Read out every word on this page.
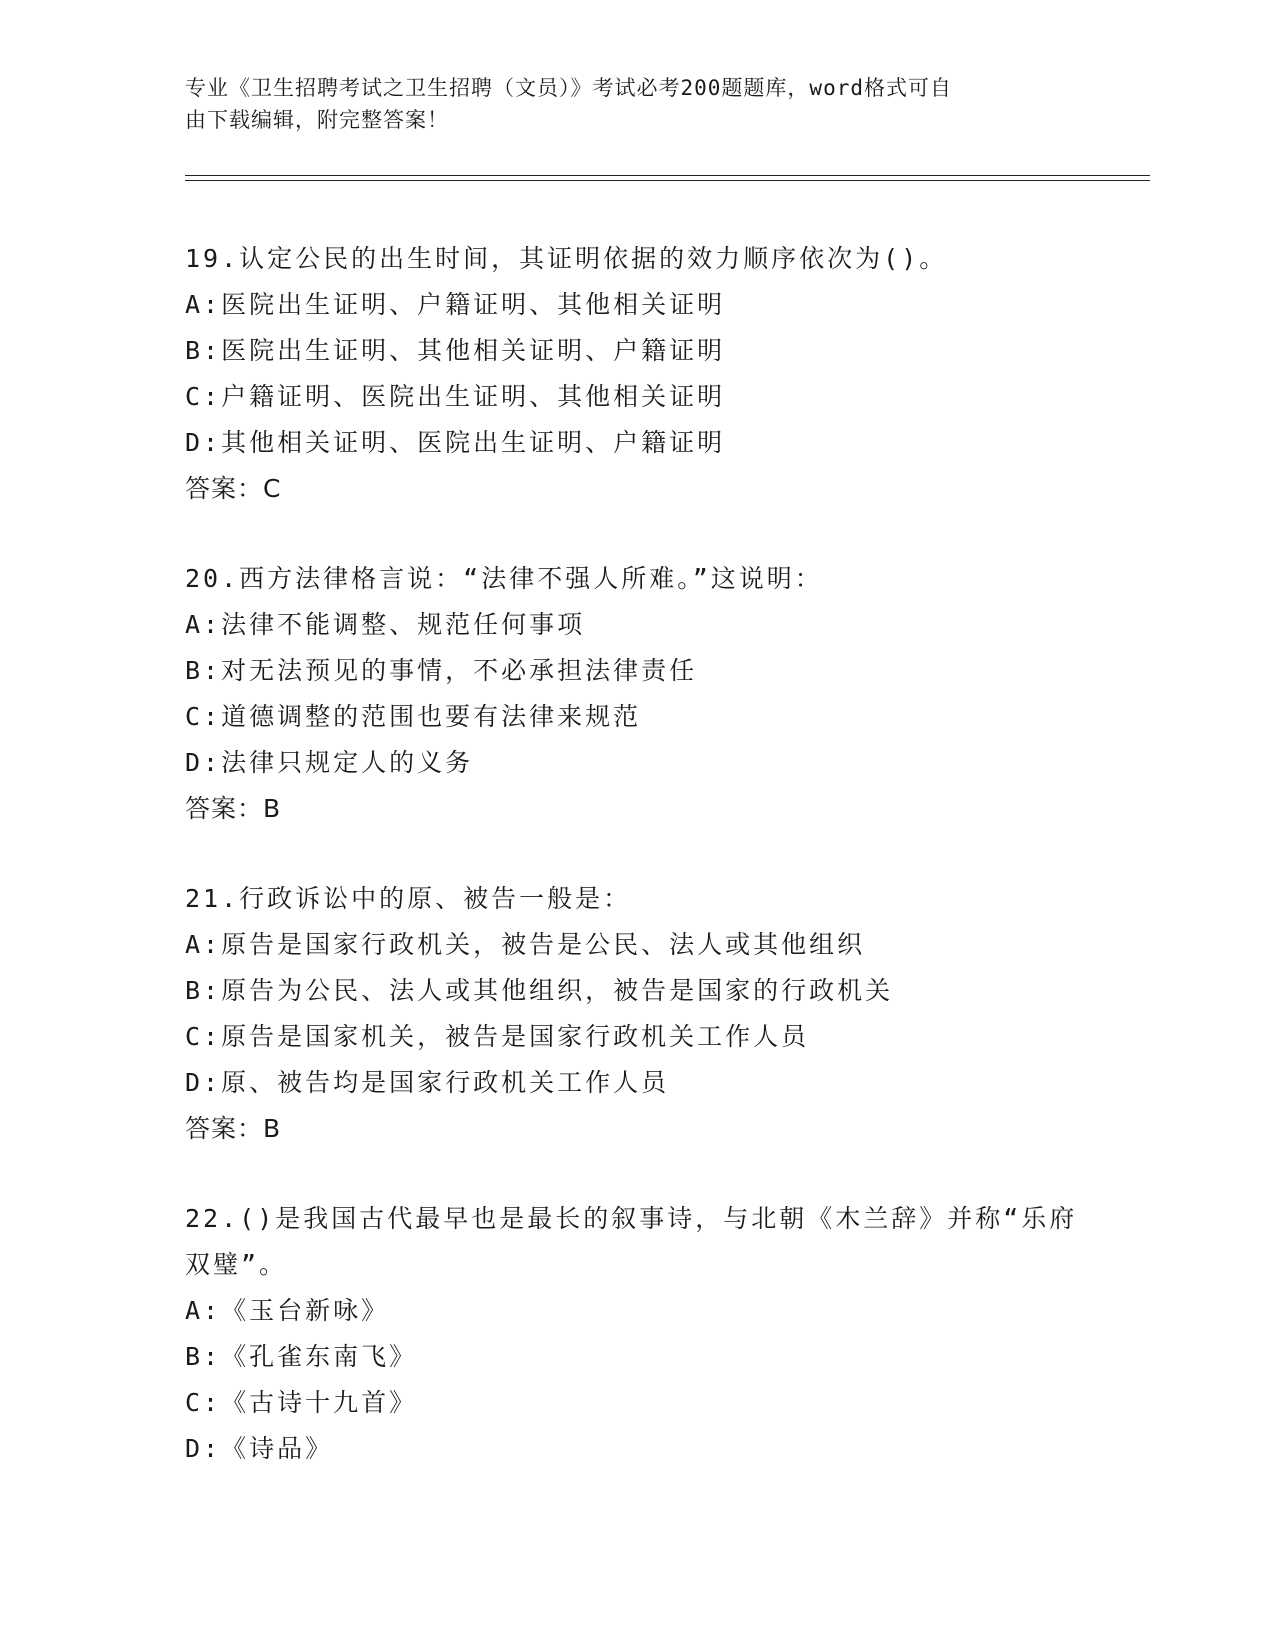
专业《卫生招聘考试之卫生招聘（文员）》考试必考200题题库，word格式可自
由下载编辑，附完整答案！
19.认定公民的出生时间，其证明依据的效力顺序依次为()。
A:医院出生证明、户籍证明、其他相关证明
B:医院出生证明、其他相关证明、户籍证明
C:户籍证明、医院出生证明、其他相关证明
D:其他相关证明、医院出生证明、户籍证明
答案：C
20.西方法律格言说：“法律不强人所难。”这说明：
A:法律不能调整、规范任何事项
B:对无法预见的事情，不必承担法律责任
C:道德调整的范围也要有法律来规范
D:法律只规定人的义务
答案：B
21.行政诉讼中的原、被告一般是：
A:原告是国家行政机关，被告是公民、法人或其他组织
B:原告为公民、法人或其他组织，被告是国家的行政机关
C:原告是国家机关，被告是国家行政机关工作人员
D:原、被告均是国家行政机关工作人员
答案：B
22.()是我国古代最早也是最长的叙事诗，与北朝《木兰辞》并称“乐府双璧”。
A:《玉台新咏》
B:《孔雀东南飞》
C:《古诗十九首》
D:《诗品》
